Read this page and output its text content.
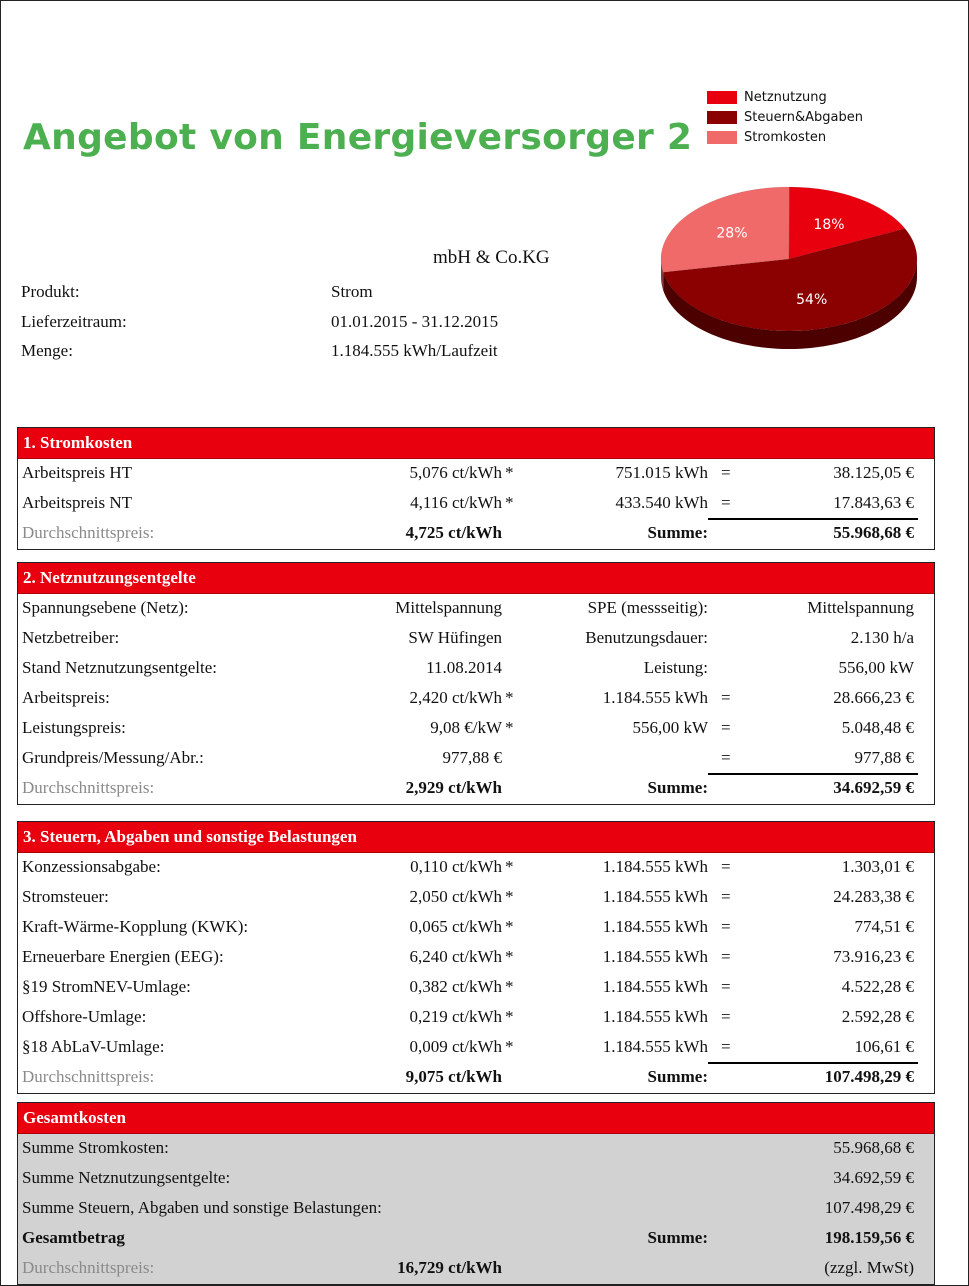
Angebot von Energieversorger 2
Netznutzung
Steuern&Abgaben
Stromkosten
54%
28%
18%
mbH & Co.KG
Produkt:	Strom
Lieferzeitraum:	01.01.2015 - 31.12.2015
Menge:	1.184.555 kWh/Laufzeit
1. Stromkosten
Arbeitspreis HT	5,076 ct/kWh *	751.015 kWh =	38.125,05 €
Arbeitspreis NT	4,116 ct/kWh *	433.540 kWh =	17.843,63 €
Durchschnittspreis:	4,725 ct/kWh	Summe:	55.968,68 €
2. Netznutzungsentgelte
Spannungsebene (Netz):	Mittelspannung	SPE (messseitig):	Mittelspannung
Netzbetreiber:	SW Hüfingen	Benutzungsdauer:	2.130 h/a
Stand Netznutzungsentgelte:	11.08.2014	Leistung:	556,00 kW
Arbeitspreis:	2,420 ct/kWh *	1.184.555 kWh =	28.666,23 €
Leistungspreis:	9,08 €/kW *	556,00 kW =	5.048,48 €
Grundpreis/Messung/Abr.:	977,88 €	=	977,88 €
Durchschnittspreis:	2,929 ct/kWh	Summe:	34.692,59 €
3. Steuern, Abgaben und sonstige Belastungen
Konzessionsabgabe:	0,110 ct/kWh *	1.184.555 kWh =	1.303,01 €
Stromsteuer:	2,050 ct/kWh *	1.184.555 kWh =	24.283,38 €
Kraft-Wärme-Kopplung (KWK):	0,065 ct/kWh *	1.184.555 kWh =	774,51 €
Erneuerbare Energien (EEG):	6,240 ct/kWh *	1.184.555 kWh =	73.916,23 €
§19 StromNEV-Umlage:	0,382 ct/kWh *	1.184.555 kWh =	4.522,28 €
Offshore-Umlage:	0,219 ct/kWh *	1.184.555 kWh =	2.592,28 €
§18 AbLaV-Umlage:	0,009 ct/kWh *	1.184.555 kWh =	106,61 €
Durchschnittspreis:	9,075 ct/kWh	Summe:	107.498,29 €
Gesamtkosten
Summe Stromkosten:	55.968,68 €
Summe Netznutzungsentgelte:	34.692,59 €
Summe Steuern, Abgaben und sonstige Belastungen:	107.498,29 €
Gesamtbetrag	Summe:	198.159,56 €
Durchschnittspreis:	16,729 ct/kWh	(zzgl. MwSt)
